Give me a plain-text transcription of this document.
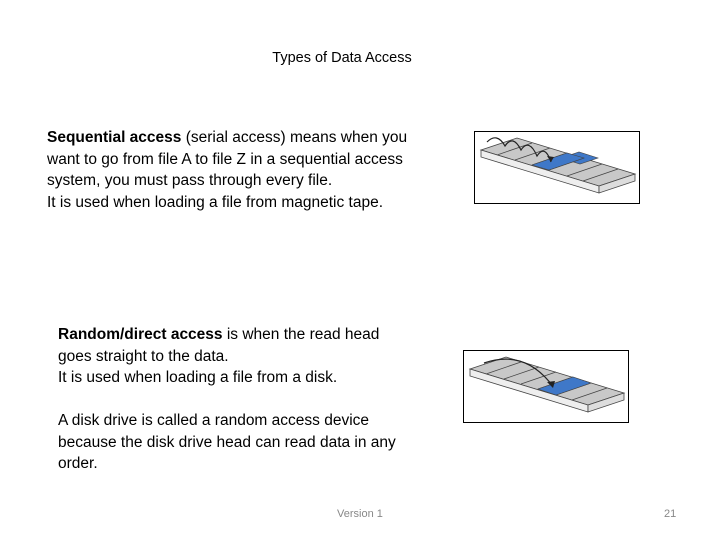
Types of Data Access
Sequential access (serial access) means when you
want to go from file A to file Z in a sequential access
system, you must pass through every file.
It is used when loading a file from magnetic tape.
Random/direct access is when the read head
goes straight to the data.
It is used when loading a file from a disk.
A disk drive is called a random access device
because the disk drive head can read data in any
order.
Version 1	21
